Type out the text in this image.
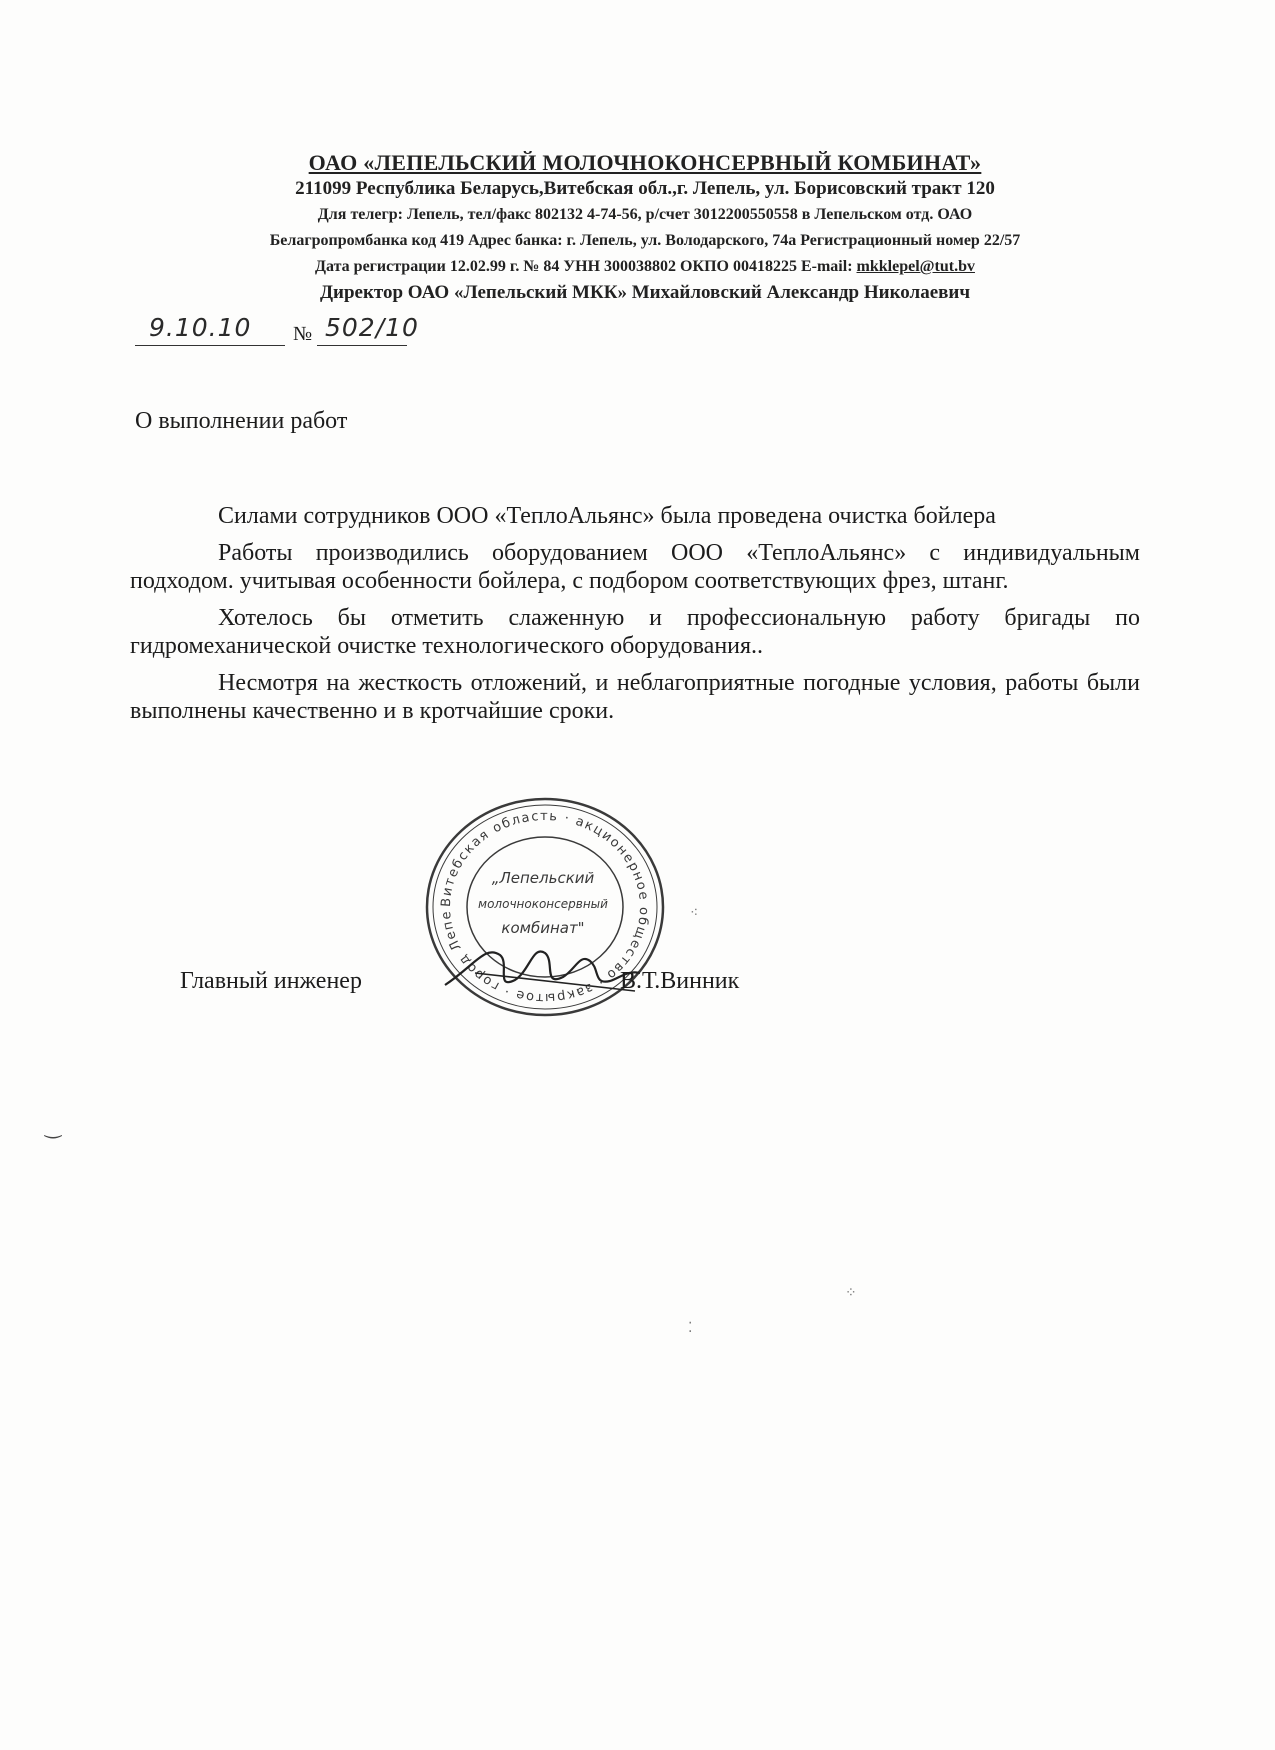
ОАО «ЛЕПЕЛЬСКИЙ МОЛОЧНОКОНСЕРВНЫЙ КОМБИНАТ»
211099 Республика Беларусь,Витебская обл.,г. Лепель, ул. Борисовский тракт 120
Для телегр: Лепель, тел/факс 802132 4-74-56, р/счет 3012200550558 в Лепельском отд. ОАО
Белагропромбанка код 419 Адрес банка: г. Лепель, ул. Володарского, 74а Регистрационный номер 22/57
Дата регистрации 12.02.99 г. № 84 УНН 300038802 ОКПО 00418225 E-mail: mkklepel@tut.bv
Директор ОАО «Лепельский МКК» Михайловский Александр Николаевич
9.10.10 № 502/10
О выполнении работ

Силами сотрудников ООО «ТеплоАльянс» была проведена очистка бойлера

Работы производились оборудованием ООО «ТеплоАльянс» с индивидуальным подходом. учитывая особенности бойлера, с подбором соответствующих фрез, штанг.

Хотелось бы отметить слаженную и профессиональную работу бригады по гидромеханической очистке технологического оборудования..

Несмотря на жесткость отложений, и неблагоприятные погодные условия, работы были выполнены качественно и в кротчайшие сроки.

Витебская область · акционерное общество · закрытое · город Лепе
„Лепельский
молочноконсервный
комбинат"
Главный инженер	В.Т.Винник
⁖
⁘
⁚
‿
